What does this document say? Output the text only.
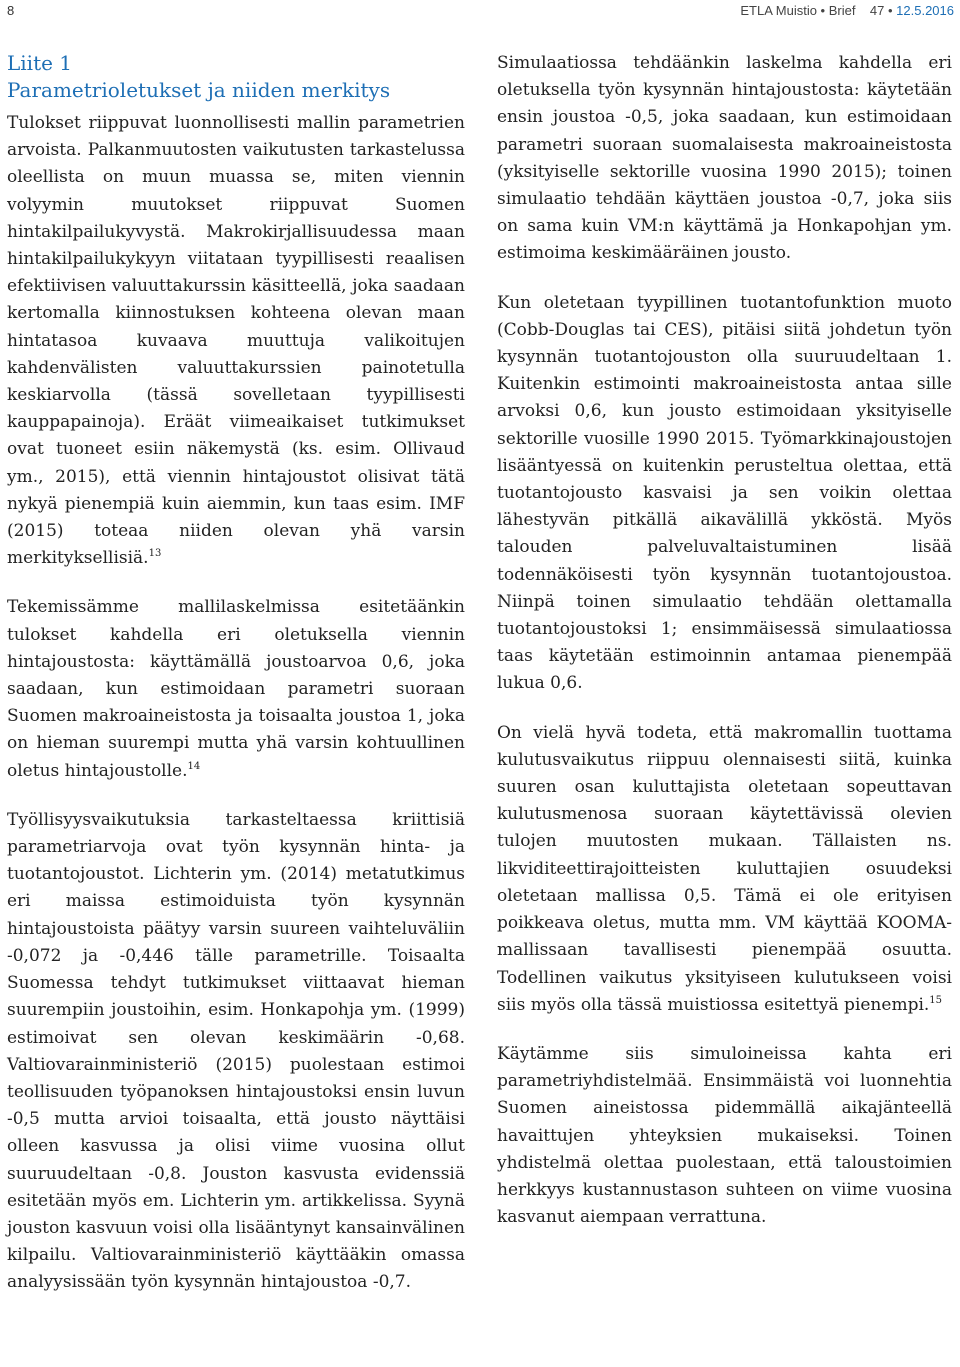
8	ETLA Muistio • Brief 47 • 12.5.2016
Liite 1
Parametrioletukset ja niiden merkitys

Tulokset riippuvat luonnollisesti mallin parametrien arvoista. Palkanmuutosten vaikutusten tarkastelussa oleellista on muun muassa se, miten viennin volyymin muutokset riippuvat Suomen hintakilpailukyvystä. Makrokirjallisuudessa maan hintakilpailukykyyn viitataan tyypillisesti reaalisen efektiivisen valuuttakurssin käsitteellä, joka saadaan kertomalla kiinnostuksen kohteena olevan maan hintatasoa kuvaava muuttuja valikoitujen kahdenvälisten valuuttakurssien painotetulla keskiarvolla (tässä sovelletaan tyypillisesti kauppapainoja). Eräät viimeaikaiset tutkimukset ovat tuoneet esiin näkemystä (ks. esim. Ollivaud ym., 2015), että viennin hintajoustot olisivat tätä nykyä pienempiä kuin aiemmin, kun taas esim. IMF (2015) toteaa niiden olevan yhä varsin merkityksellisiä.$^{13}$

Tekemissämme mallilaskelmissa esitetäänkin tulokset kahdella eri oletuksella viennin hintajoustosta: käyttämällä joustoarvoa 0,6, joka saadaan, kun estimoidaan parametri suoraan Suomen makroaineistosta ja toisaalta joustoa 1, joka on hieman suurempi mutta yhä varsin kohtuullinen oletus hintajoustolle.$^{14}$

Työllisyysvaikutuksia tarkasteltaessa kriittisiä parametriarvoja ovat työn kysynnän hinta- ja tuotantojoustot. Lichterin ym. (2014) metatutkimus eri maissa estimoiduista työn kysynnän hintajoustoista päätyy varsin suureen vaihteluväliin -0,072 ja -0,446 tälle parametrille. Toisaalta Suomessa tehdyt tutkimukset viittaavat hieman suurempiin joustoihin, esim. Honkapohja ym. (1999) estimoivat sen olevan keskimäärin -0,68. Valtiovarainministeriö (2015) puolestaan estimoi teollisuuden työpanoksen hintajoustoksi ensin luvun -0,5 mutta arvioi toisaalta, että jousto näyttäisi olleen kasvussa ja olisi viime vuosina ollut suuruudeltaan -0,8. Jouston kasvusta evidenssiä esitetään myös em. Lichterin ym. artikkelissa. Syynä jouston kasvuun voisi olla lisääntynyt kansainvälinen kilpailu. Valtiovarainministeriö käyttääkin omassa analyysissään työn kysynnän hintajoustoa -0,7.

Simulaatiossa tehdäänkin laskelma kahdella eri oletuksella työn kysynnän hintajoustosta: käytetään ensin joustoa -0,5, joka saadaan, kun estimoidaan parametri suoraan suomalaisesta makroaineistosta (yksityiselle sektorille vuosina 1990 2015); toinen simulaatio tehdään käyttäen joustoa -0,7, joka siis on sama kuin VM:n käyttämä ja Honkapohjan ym. estimoima keskimääräinen jousto.

Kun oletetaan tyypillinen tuotantofunktion muoto (Cobb-Douglas tai CES), pitäisi siitä johdetun työn kysynnän tuotantojouston olla suuruudeltaan 1. Kuitenkin estimointi makroaineistosta antaa sille arvoksi 0,6, kun jousto estimoidaan yksityiselle sektorille vuosille 1990 2015. Työmarkkinajoustojen lisääntyessä on kuitenkin perusteltua olettaa, että tuotantojousto kasvaisi ja sen voikin olettaa lähestyvän pitkällä aikavälillä ykköstä. Myös talouden palveluvaltaistuminen lisää todennäköisesti työn kysynnän tuotantojoustoa. Niinpä toinen simulaatio tehdään olettamalla tuotantojoustoksi 1; ensimmäisessä simulaatiossa taas käytetään estimoinnin antamaa pienempää lukua 0,6.

On vielä hyvä todeta, että makromallin tuottama kulutusvaikutus riippuu olennaisesti siitä, kuinka suuren osan kuluttajista oletetaan sopeuttavan kulutusmenosa suoraan käytettävissä olevien tulojen muutosten mukaan. Tällaisten ns. likviditeettirajoitteisten kuluttajien osuudeksi oletetaan mallissa 0,5. Tämä ei ole erityisen poikkeava oletus, mutta mm. VM käyttää KOOMA-mallissaan tavallisesti pienempää osuutta. Todellinen vaikutus yksityiseen kulutukseen voisi siis myös olla tässä muistiossa esitettyä pienempi.$^{15}$

Käytämme siis simuloineissa kahta eri parametriyhdistelmää. Ensimmäistä voi luonnehtia Suomen aineistossa pidemmällä aikajänteellä havaittujen yhteyksien mukaiseksi. Toinen yhdistelmä olettaa puolestaan, että taloustoimien herkkyys kustannustason suhteen on viime vuosina kasvanut aiempaan verrattuna.
